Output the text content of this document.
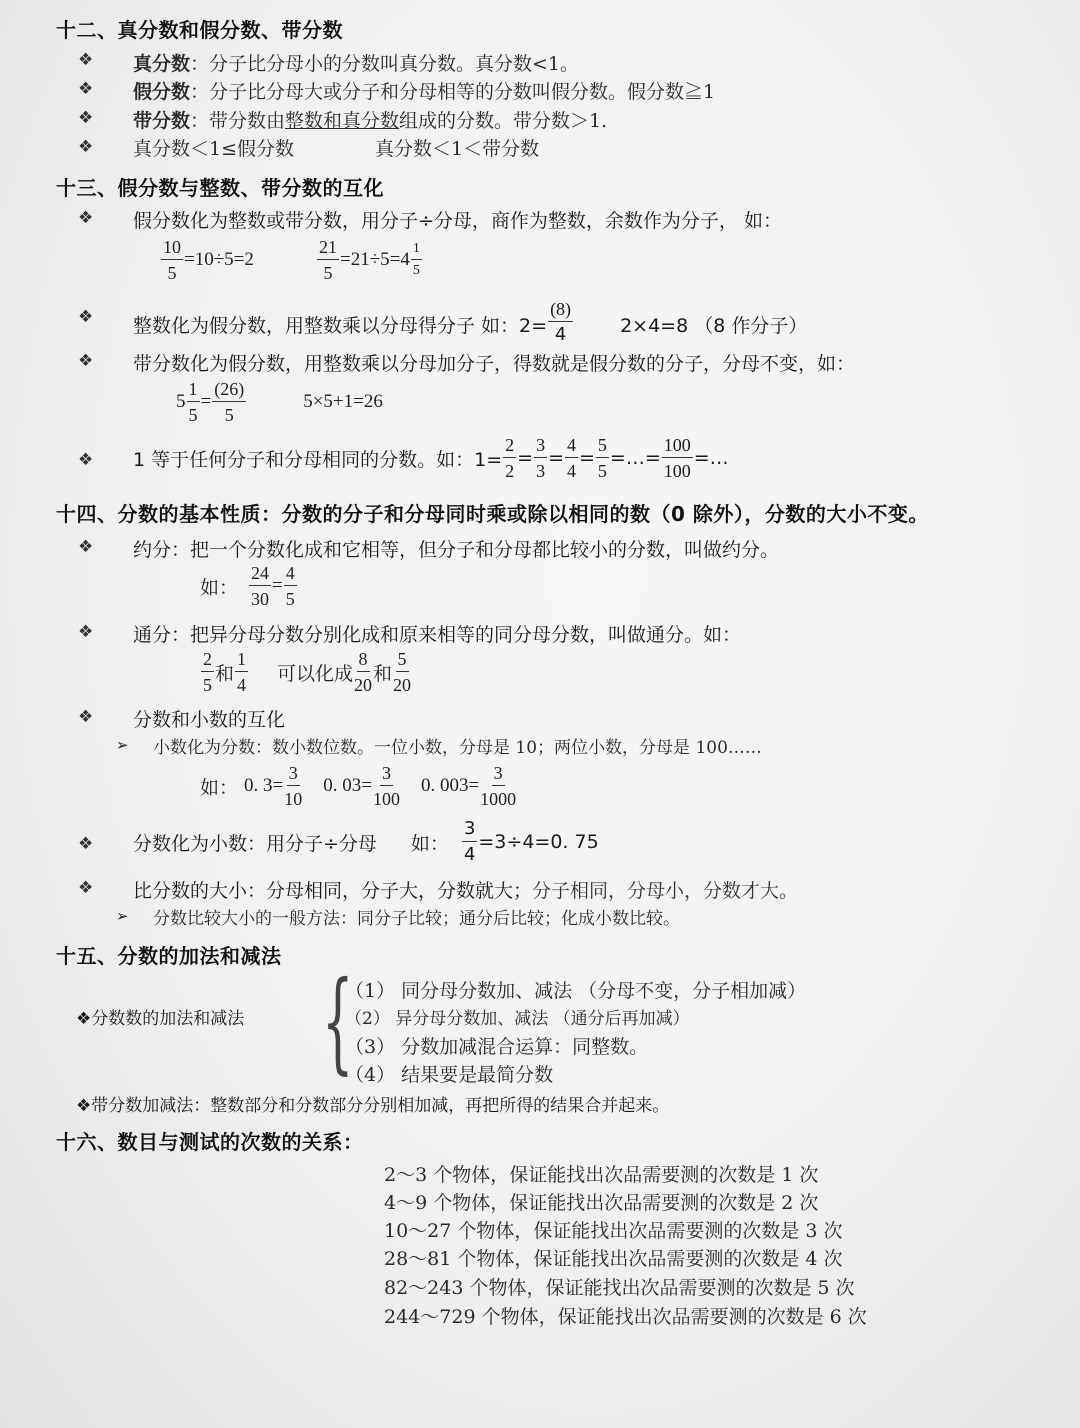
十二、真分数和假分数、带分数
❖ 真分数：分子比分母小的分数叫真分数。真分数<1。
❖ 假分数：分子比分母大或分子和分母相等的分数叫假分数。假分数≧1
❖ 带分数：带分数由整数和真分数组成的分数。带分数＞1.
❖ 真分数＜1≤假分数	真分数＜1＜带分数
十三、假分数与整数、带分数的互化
❖ 假分数化为整数或带分数，用分子÷分母，商作为整数，余数作为分子， 如：
$\frac{10}{5} =10\div 5=2$	$\frac{21}{5} =21\div 5=4 \frac{1}{5}$
❖ 整数化为假分数，用整数乘以分母得分子 如：$2= \frac{(8)}{4} 2\times 4=8$ （8 作分子）
❖ 带分数化为假分数，用整数乘以分母加分子，得数就是假分数的分子，分母不变，如：
$5 \frac{1}{5} = \frac{(26)}{5}$	5×5+1=26
❖ 1 等于任何分子和分母相同的分数。如：$1= \frac{2}{2} = \frac{3}{3} = \frac{4}{4} = \frac{5}{5}$ =…= $\frac{100}{100}$ =…
十四、分数的基本性质：分数的分子和分母同时乘或除以相同的数（0 除外），分数的大小不变。
❖ 约分：把一个分数化成和它相等，但分子和分母都比较小的分数，叫做约分。
如： $\frac{24}{30} = \frac{4}{5}$
❖ 通分：把异分母分数分别化成和原来相等的同分母分数，叫做通分。如：
$\frac{2}{5}$ 和 $\frac{1}{4}$ 可以化成 $\frac{8}{20}$ 和 $\frac{5}{20}$
❖ 分数和小数的互化
➢ 小数化为分数：数小数位数。一位小数，分母是 10；两位小数，分母是 100……
如： 0. $3= \frac{3}{10} 0$. $03= \frac{3}{100} 0$. $003= \frac{3}{1000}$
❖ 分数化为小数：用分子÷分母 如： $\frac{3}{4} =3\div 4=0$. 75
❖ 比分数的大小：分母相同，分子大，分数就大；分子相同，分母小，分数才大。
➢ 分数比较大小的一般方法：同分子比较；通分后比较；化成小数比较。
十五、分数的加法和减法
❖分数数的加法和减法 {
（1） 同分母分数加、减法 （分母不变，分子相加减）
（2） 异分母分数加、减法 （通分后再加减）
（3） 分数加减混合运算：同整数。
（4） 结果要是最简分数
❖带分数加减法：整数部分和分数部分分别相加减，再把所得的结果合并起来。
十六、数目与测试的次数的关系：
2～3 个物体，保证能找出次品需要测的次数是 1 次
4～9 个物体，保证能找出次品需要测的次数是 2 次
10～27 个物体，保证能找出次品需要测的次数是 3 次
28～81 个物体，保证能找出次品需要测的次数是 4 次
82～243 个物体，保证能找出次品需要测的次数是 5 次
244～729 个物体，保证能找出次品需要测的次数是 6 次
